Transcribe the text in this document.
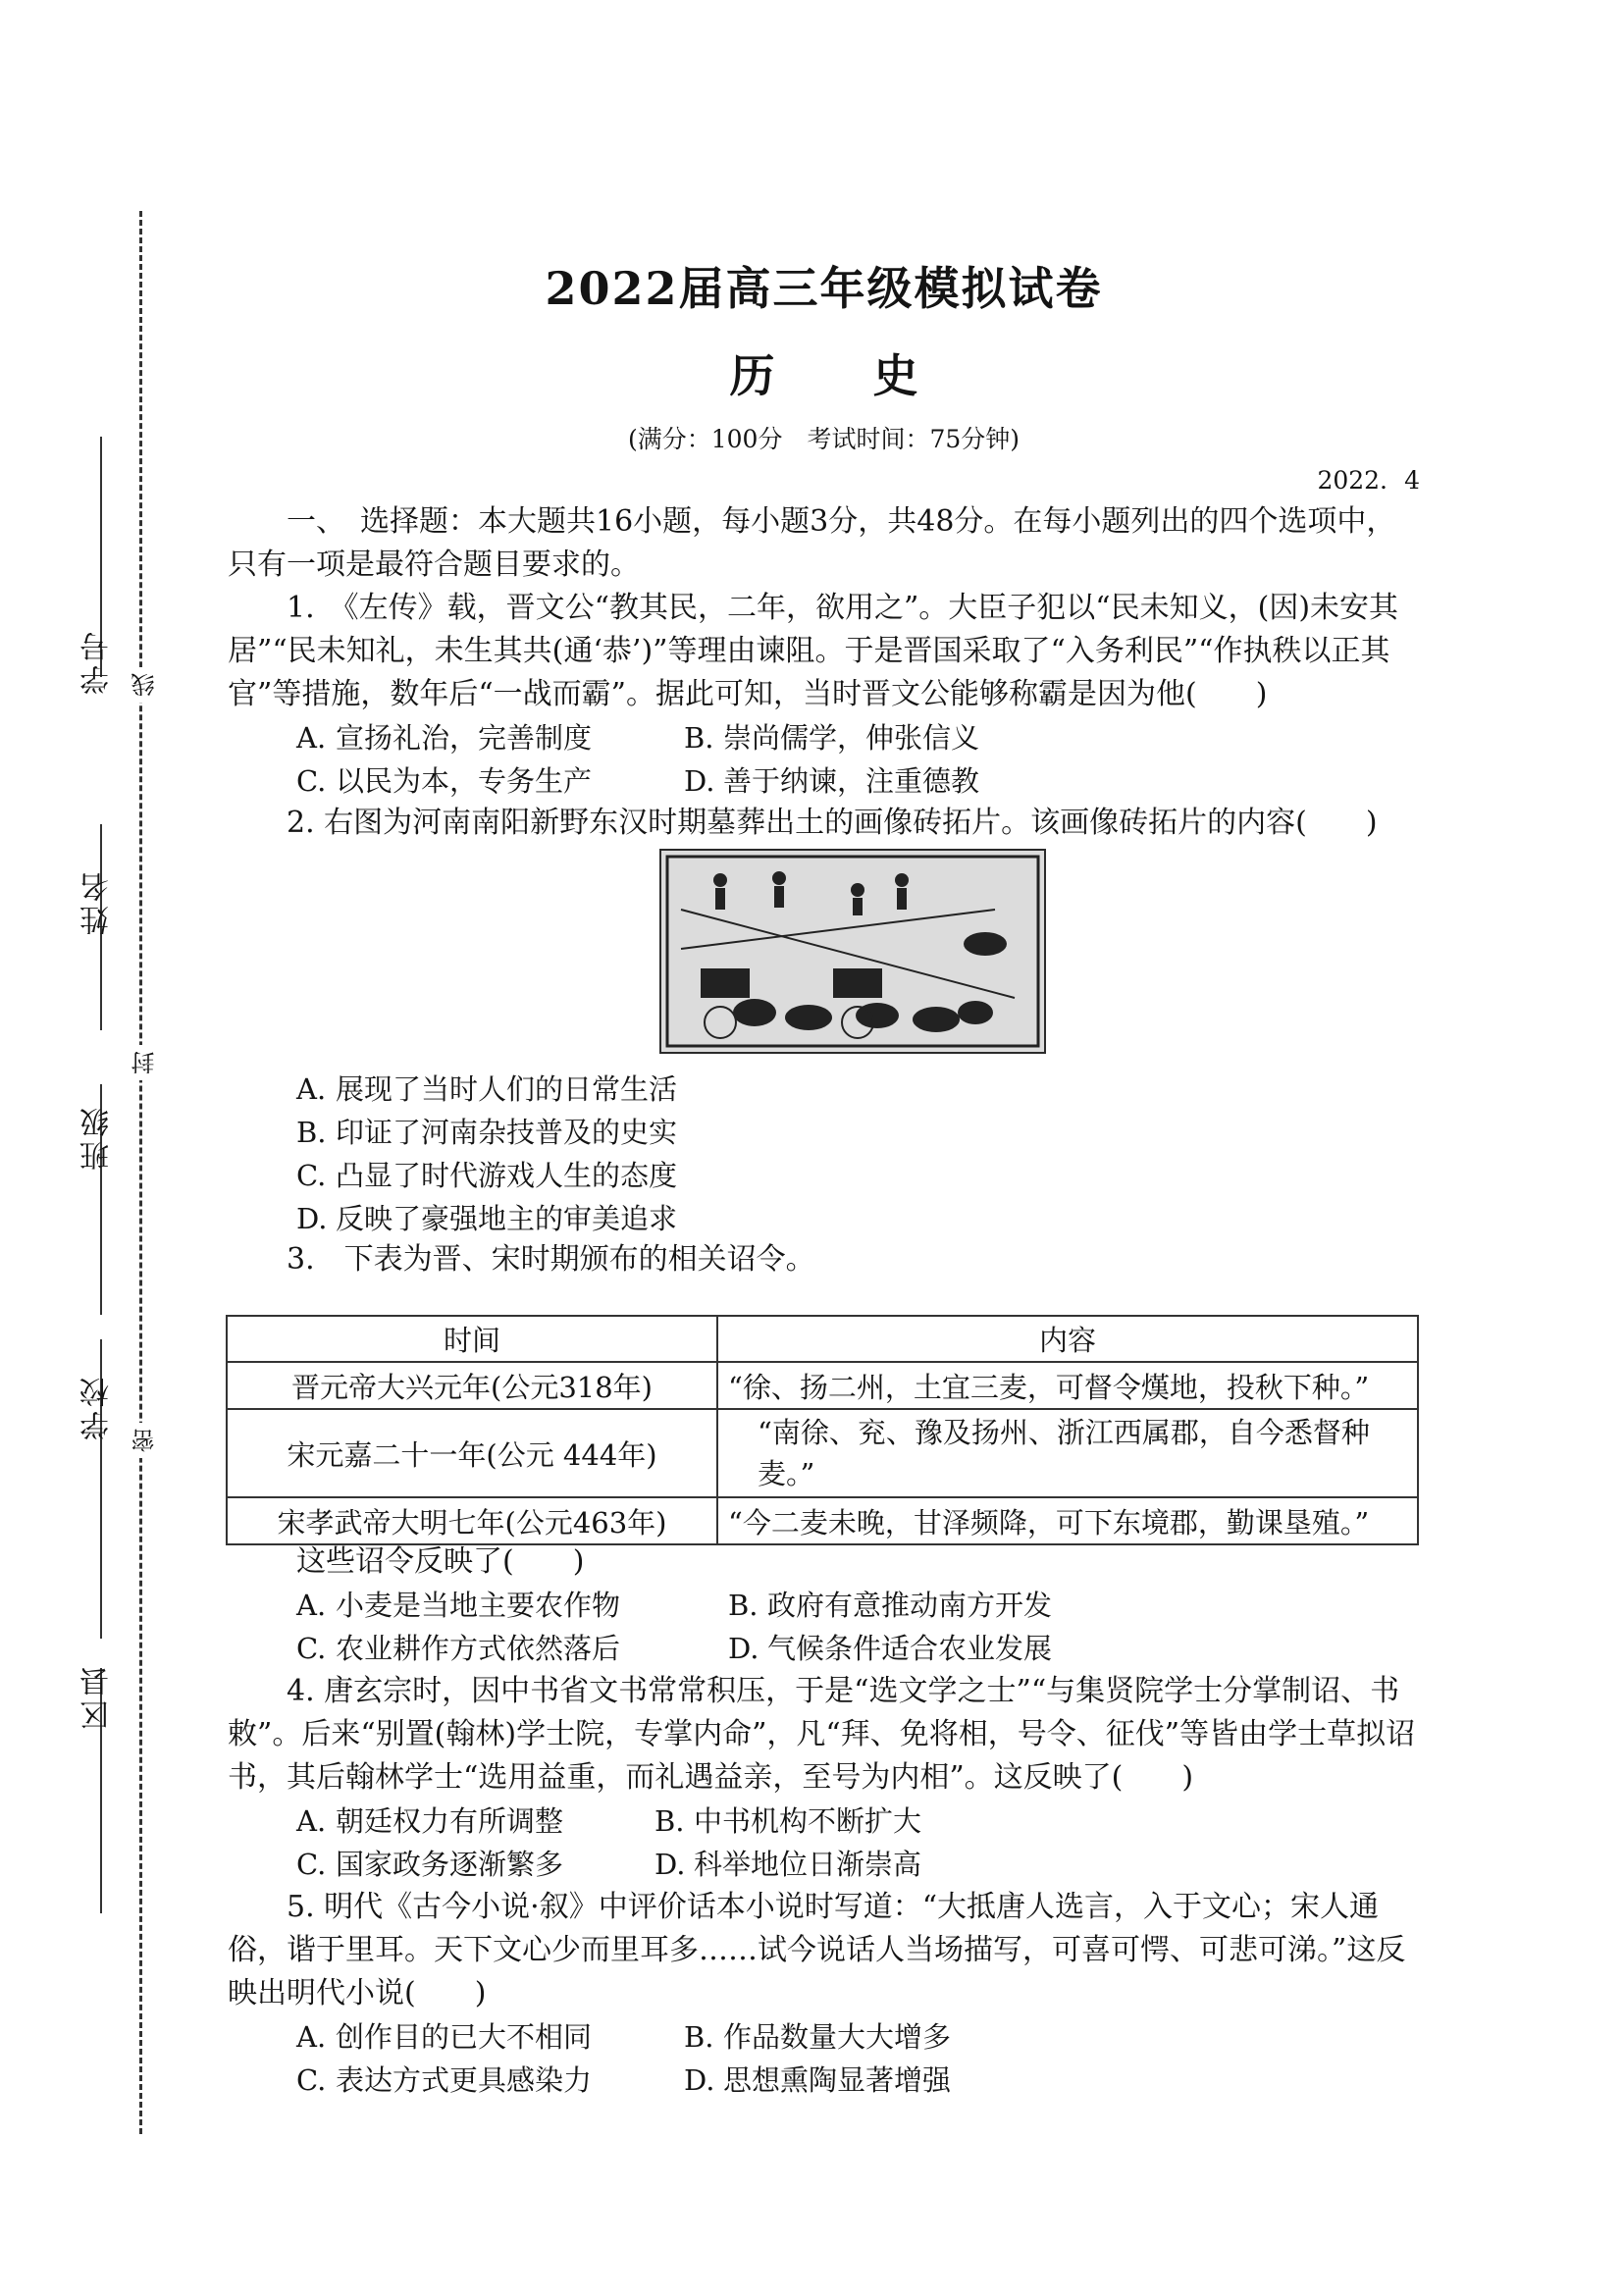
学号
姓名
班级
学校
区县
线
封
密
2022届高三年级模拟试卷
历史
(满分：100分　考试时间：75分钟)
2022．4
一、　选择题：本大题共16小题，每小题3分，共48分。在每小题列出的四个选项中，只有一项是最符合题目要求的。
1.　《左传》载，晋文公“教其民，二年，欲用之”。大臣子犯以“民未知义，(因)未安其居”“民未知礼，未生其共(通‘恭’)”等理由谏阻。于是晋国采取了“入务利民”“作执秩以正其官”等措施，数年后“一战而霸”。据此可知，当时晋文公能够称霸是因为他(　　)
A. 宣扬礼治，完善制度	B. 崇尚儒学，伸张信义
C. 以民为本，专务生产	D. 善于纳谏，注重德教
2. 右图为河南南阳新野东汉时期墓葬出土的画像砖拓片。该画像砖拓片的内容(　　)
A. 展现了当时人们的日常生活
B. 印证了河南杂技普及的史实
C. 凸显了时代游戏人生的态度
D. 反映了豪强地主的审美追求
3.　下表为晋、宋时期颁布的相关诏令。
时间	内容
晋元帝大兴元年(公元318年)	“徐、扬二州，土宜三麦，可督令熯地，投秋下种。”
宋元嘉二十一年(公元 444年)	“南徐、兖、豫及扬州、浙江西属郡，自今悉督种麦。”
宋孝武帝大明七年(公元463年)	“今二麦未晚，甘泽频降，可下东境郡，勤课垦殖。”
这些诏令反映了(　　)
A. 小麦是当地主要农作物	B. 政府有意推动南方开发
C. 农业耕作方式依然落后	D. 气候条件适合农业发展
4. 唐玄宗时，因中书省文书常常积压，于是“选文学之士”“与集贤院学士分掌制诏、书敕”。后来“别置(翰林)学士院，专掌内命”，凡“拜、免将相，号令、征伐”等皆由学士草拟诏书，其后翰林学士“选用益重，而礼遇益亲，至号为内相”。这反映了(　　)
A. 朝廷权力有所调整	B. 中书机构不断扩大
C. 国家政务逐渐繁多	D. 科举地位日渐崇高
5. 明代《古今小说·叙》中评价话本小说时写道：“大抵唐人选言，入于文心；宋人通俗，谐于里耳。天下文心少而里耳多……试今说话人当场描写，可喜可愕、可悲可涕。”这反映出明代小说(　　)
A. 创作目的已大不相同	B. 作品数量大大增多
C. 表达方式更具感染力	D. 思想熏陶显著增强
